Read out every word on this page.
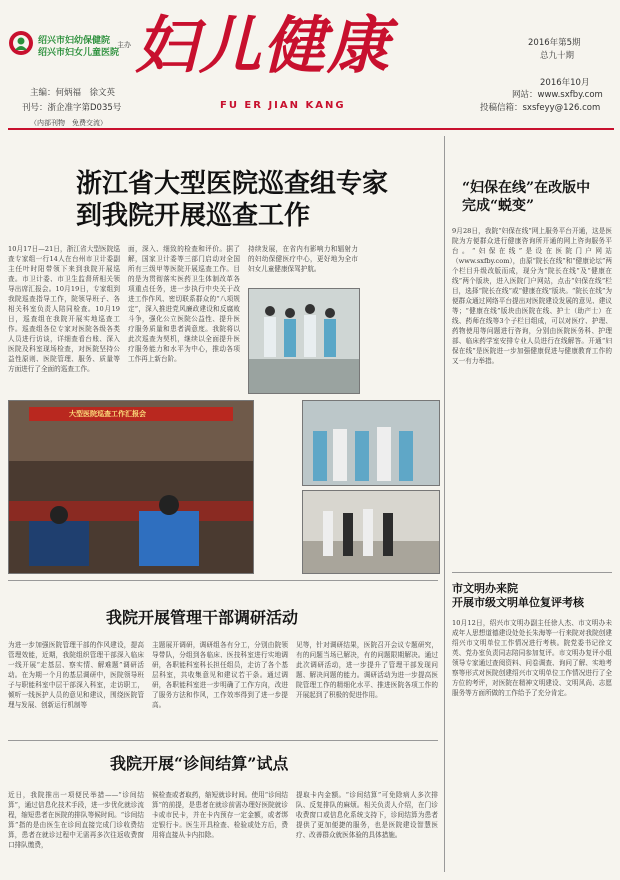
绍兴市妇幼保健院
绍兴市妇女儿童医院
主办
主编：何炳福　徐文英
刊号：浙企准字第D035号
（内部刊物　免费交流）
妇儿健康
FU ER JIAN KANG
2016年第5期
总九十期
2016年10月
网站：www.sxfby.com
投稿信箱：sxsfeyy@126.com
浙江省大型医院巡查组专家
到我院开展巡查工作
10月17日—21日，浙江省大型医院巡查专家组一行14人在台州市卫计委副主任叶时阳带领下来到我院开展巡查。市卫计委、市卫生监督所相关领导出席汇报会。10月19日，专家组到我院巡查指导工作，院领导班子、各相关科室负责人陪同检查。10月19日，巡查组在我院开展实地巡查工作。巡查组各位专家对医院各级各类人员进行访谈，详细查看台账、深入医院及科室现场检查，对医院坚持公益性原则、医院管理、服务、质量等方面进行了全面的巡查工作。
面，深入、细致的检查和评价。据了解，国家卫计委等三部门启动对全国所有三级甲等医院开展巡查工作。目的是为贯彻落实医药卫生体制改革各项重点任务，进一步执行中央关于改进工作作风、密切联系群众的“八项规定”，深入推进党风廉政建设和反腐败斗争，强化公立医院公益性、提升医疗服务质量和患者满意度。我院将以此次巡查为契机，继续以全面提升医疗服务能力和水平为中心，推动各项工作再上新台阶。
持续发展，在省内有影响力和辐射力的妇幼保健医疗中心，更好地为全市妇女儿童健康保驾护航。
大型医院巡查工作汇报会
“妇保在线”在改版中
完成“蜕变”
9月28日，我院“妇保在线”网上服务平台开通，这是医院为方便群众进行健康咨询所开通的网上咨询服务平台。“妇保在线”是设在医院门户网站（www.sxfby.com），由原“院长在线”和“健康论坛”两个栏目升级改版而成，现分为“院长在线”及“健康在线”两个版块，进入医院门户网站，点击“妇保在线”栏目，选择“院长在线”或“健康在线”版块。“院长在线”为便群众通过网络平台提出对医院建设发展的意见、建议等；“健康在线”版块由医院在线、护士（助产士）在线、药师在线等3个子栏目组成，可以对医疗、护理、药物使用等问题进行咨询，分别由医院医务科、护理部、临床药学室安排专业人员进行在线解答。开通“妇保在线”是医院进一步加强健康促进与健康教育工作的又一有力举措。
市文明办来院
开展市级文明单位复评考核
10月12日，绍兴市文明办副主任徐人杰、市文明办未成年人思想道德建设处处长朱海等一行来院对我院创建绍兴市文明单位工作情况进行考核。院党委书记徐文英、党办室负责同志陪同参加复评。市文明办复评小组领导专家通过查阅资料、问卷调查、询问了解、实地考察等形式对医院创建绍兴市文明单位工作情况进行了全方位的考评，对医院在精神文明建设、文明风尚、志愿服务等方面所做的工作给予了充分肯定。
我院开展管理干部调研活动
为进一步加强医院管理干部的作风建设，提高管理效能，近期，我院组织管理干部深入临床一线开展“走基层、察实情、解难题”调研活动。在为期一个月的基层调研中，医院领导班子与职能科室中层干部深入科室，走访职工，倾听一线医护人员的意见和建议，围绕医院管理与发展、创新运行机制等
主题展开调研，调研组各有分工，分别由院领导带队，分组到各临床、医技科室进行实地调研，各职能科室科长担任组员，走访了各个基层科室，共收集意见和建议若干条。通过调研，各职能科室进一步明确了工作方向，改进了服务方法和作风，工作效率得到了进一步提高。
见等，针对调研结果，医院召开会议专题研究，有的问题当场已解决，有的问题限期解决。通过此次调研活动，进一步提升了管理干部发现问题、解决问题的能力。调研活动为进一步提高医院管理工作的精细化水平、推进医院各项工作的开展起到了积极的促进作用。
我院开展“诊间结算”试点
近日，我院推出一项便民举措——“诊间结算”，通过信息化技术手段，进一步优化就诊流程，缩短患者在医院的排队等候时间。“诊间结算”指的是由医生在诊间直接完成门诊收费结算，患者在就诊过程中无需再多次往返收费窗口排队缴费，
候检查或者取药，缩短就诊时间。使用“诊间结算”的前提，是患者在就诊前需办理好医院就诊卡或市民卡，并在卡内预存一定金额，或者绑定银行卡。医生开具检查、检验或处方后，费用将直接从卡内扣除。
提取卡内金额。“诊间结算”可免除病人多次排队、反复排队的麻烦。相关负责人介绍，在门诊收费窗口或信息化系统支持下，诊间结算为患者提供了更加便捷的服务，也是医院建设智慧医疗、改善群众就医体验的具体措施。
